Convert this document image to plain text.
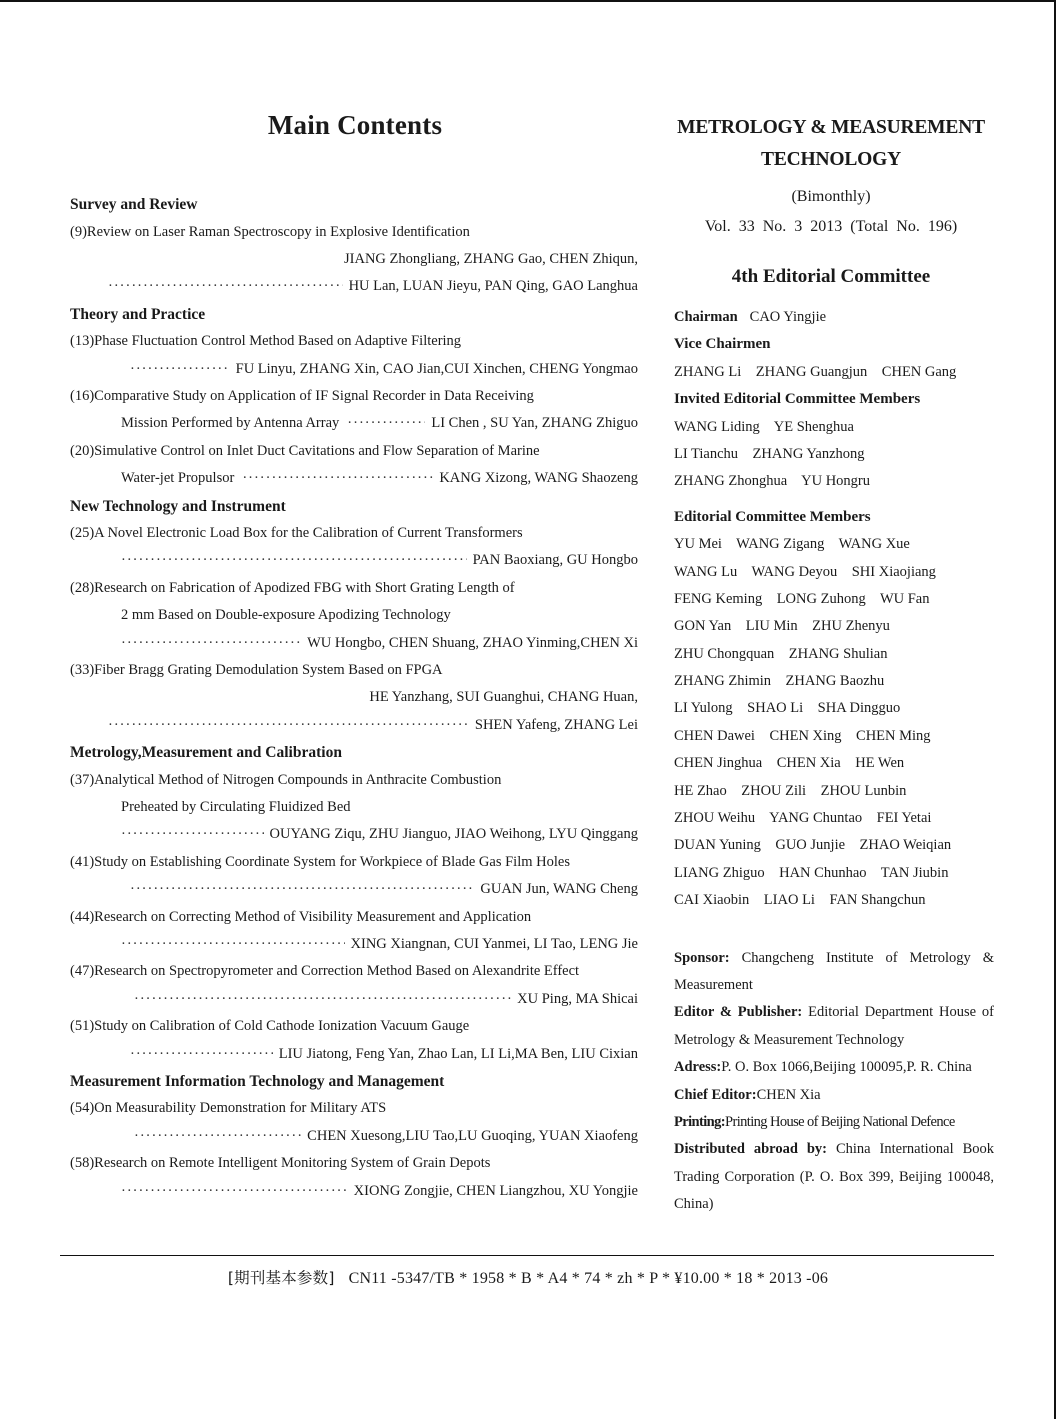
Main Contents
Survey and Review
(9)Review on Laser Raman Spectroscopy in Explosive Identification
JIANG Zhongliang, ZHANG Gao, CHEN Zhiqun,
·····
HU Lan, LUAN Jieyu, PAN Qing, GAO Langhua
Theory and Practice
(13)Phase Fluctuation Control Method Based on Adaptive Filtering
·····
FU Linyu, ZHANG Xin, CAO Jian,CUI Xinchen, CHENG Yongmao
(16)Comparative Study on Application of IF Signal Recorder in Data Receiving
Mission Performed by Antenna Array ·····	LI Chen , SU Yan, ZHANG Zhiguo
(20)Simulative Control on Inlet Duct Cavitations and Flow Separation of Marine
Water-jet Propulsor ·····	KANG Xizong, WANG Shaozeng
New Technology and Instrument
(25)A Novel Electronic Load Box for the Calibration of Current Transformers
·····
PAN Baoxiang, GU Hongbo
(28)Research on Fabrication of Apodized FBG with Short Grating Length of
2 mm Based on Double-exposure Apodizing Technology
·····
WU Hongbo, CHEN Shuang, ZHAO Yinming,CHEN Xi
(33)Fiber Bragg Grating Demodulation System Based on FPGA
HE Yanzhang, SUI Guanghui, CHANG Huan,
·····
SHEN Yafeng, ZHANG Lei
Metrology,Measurement and Calibration
(37)Analytical Method of Nitrogen Compounds in Anthracite Combustion
Preheated by Circulating Fluidized Bed
·····
OUYANG Ziqu, ZHU Jianguo, JIAO Weihong, LYU Qinggang
(41)Study on Establishing Coordinate System for Workpiece of Blade Gas Film Holes
·····
GUAN Jun, WANG Cheng
(44)Research on Correcting Method of Visibility Measurement and Application
·····
XING Xiangnan, CUI Yanmei, LI Tao, LENG Jie
(47)Research on Spectropyrometer and Correction Method Based on Alexandrite Effect
·····
XU Ping, MA Shicai
(51)Study on Calibration of Cold Cathode Ionization Vacuum Gauge
·····
LIU Jiatong, Feng Yan, Zhao Lan, LI Li,MA Ben, LIU Cixian
Measurement Information Technology and Management
(54)On Measurability Demonstration for Military ATS
·····
CHEN Xuesong,LIU Tao,LU Guoqing, YUAN Xiaofeng
(58)Research on Remote Intelligent Monitoring System of Grain Depots
·····
XIONG Zongjie, CHEN Liangzhou, XU Yongjie
METROLOGY & MEASUREMENT
TECHNOLOGY
(Bimonthly)
Vol. 33 No. 3 2013 (Total No. 196)
4th Editorial Committee
Chairman CAO Yingjie
Vice Chairmen
ZHANG Li    ZHANG Guangjun    CHEN Gang
Invited Editorial Committee Members
WANG Liding    YE Shenghua
LI Tianchu    ZHANG Yanzhong
ZHANG Zhonghua    YU Hongru
Editorial Committee Members
YU Mei    WANG Zigang    WANG Xue
WANG Lu    WANG Deyou    SHI Xiaojiang
FENG Keming    LONG Zuhong    WU Fan
GON Yan    LIU Min    ZHU Zhenyu
ZHU Chongquan    ZHANG Shulian
ZHANG Zhimin    ZHANG Baozhu
LI Yulong    SHAO Li    SHA Dingguo
CHEN Dawei    CHEN Xing    CHEN Ming
CHEN Jinghua    CHEN Xia    HE Wen
HE Zhao    ZHOU Zili    ZHOU Lunbin
ZHOU Weihu    YANG Chuntao    FEI Yetai
DUAN Yuning    GUO Junjie    ZHAO Weiqian
LIANG Zhiguo    HAN Chunhao    TAN Jiubin
CAI Xiaobin    LIAO Li    FAN Shangchun
Sponsor: Changcheng Institute of Metrology & Measurement
Editor & Publisher: Editorial Department House of Metrology & Measurement Technology
Adress:P. O. Box 1066,Beijing 100095,P. R. China
Chief Editor:CHEN Xia
Printing:Printing House of Beijing National Defence
Distributed abroad by: China International Book Trading Corporation (P. O. Box 399, Beijing 100048, China)
[期刊基本参数] CN11 -5347/TB * 1958 * B * A4 * 74 * zh * P * ¥10.00 * 18 * 2013 -06
